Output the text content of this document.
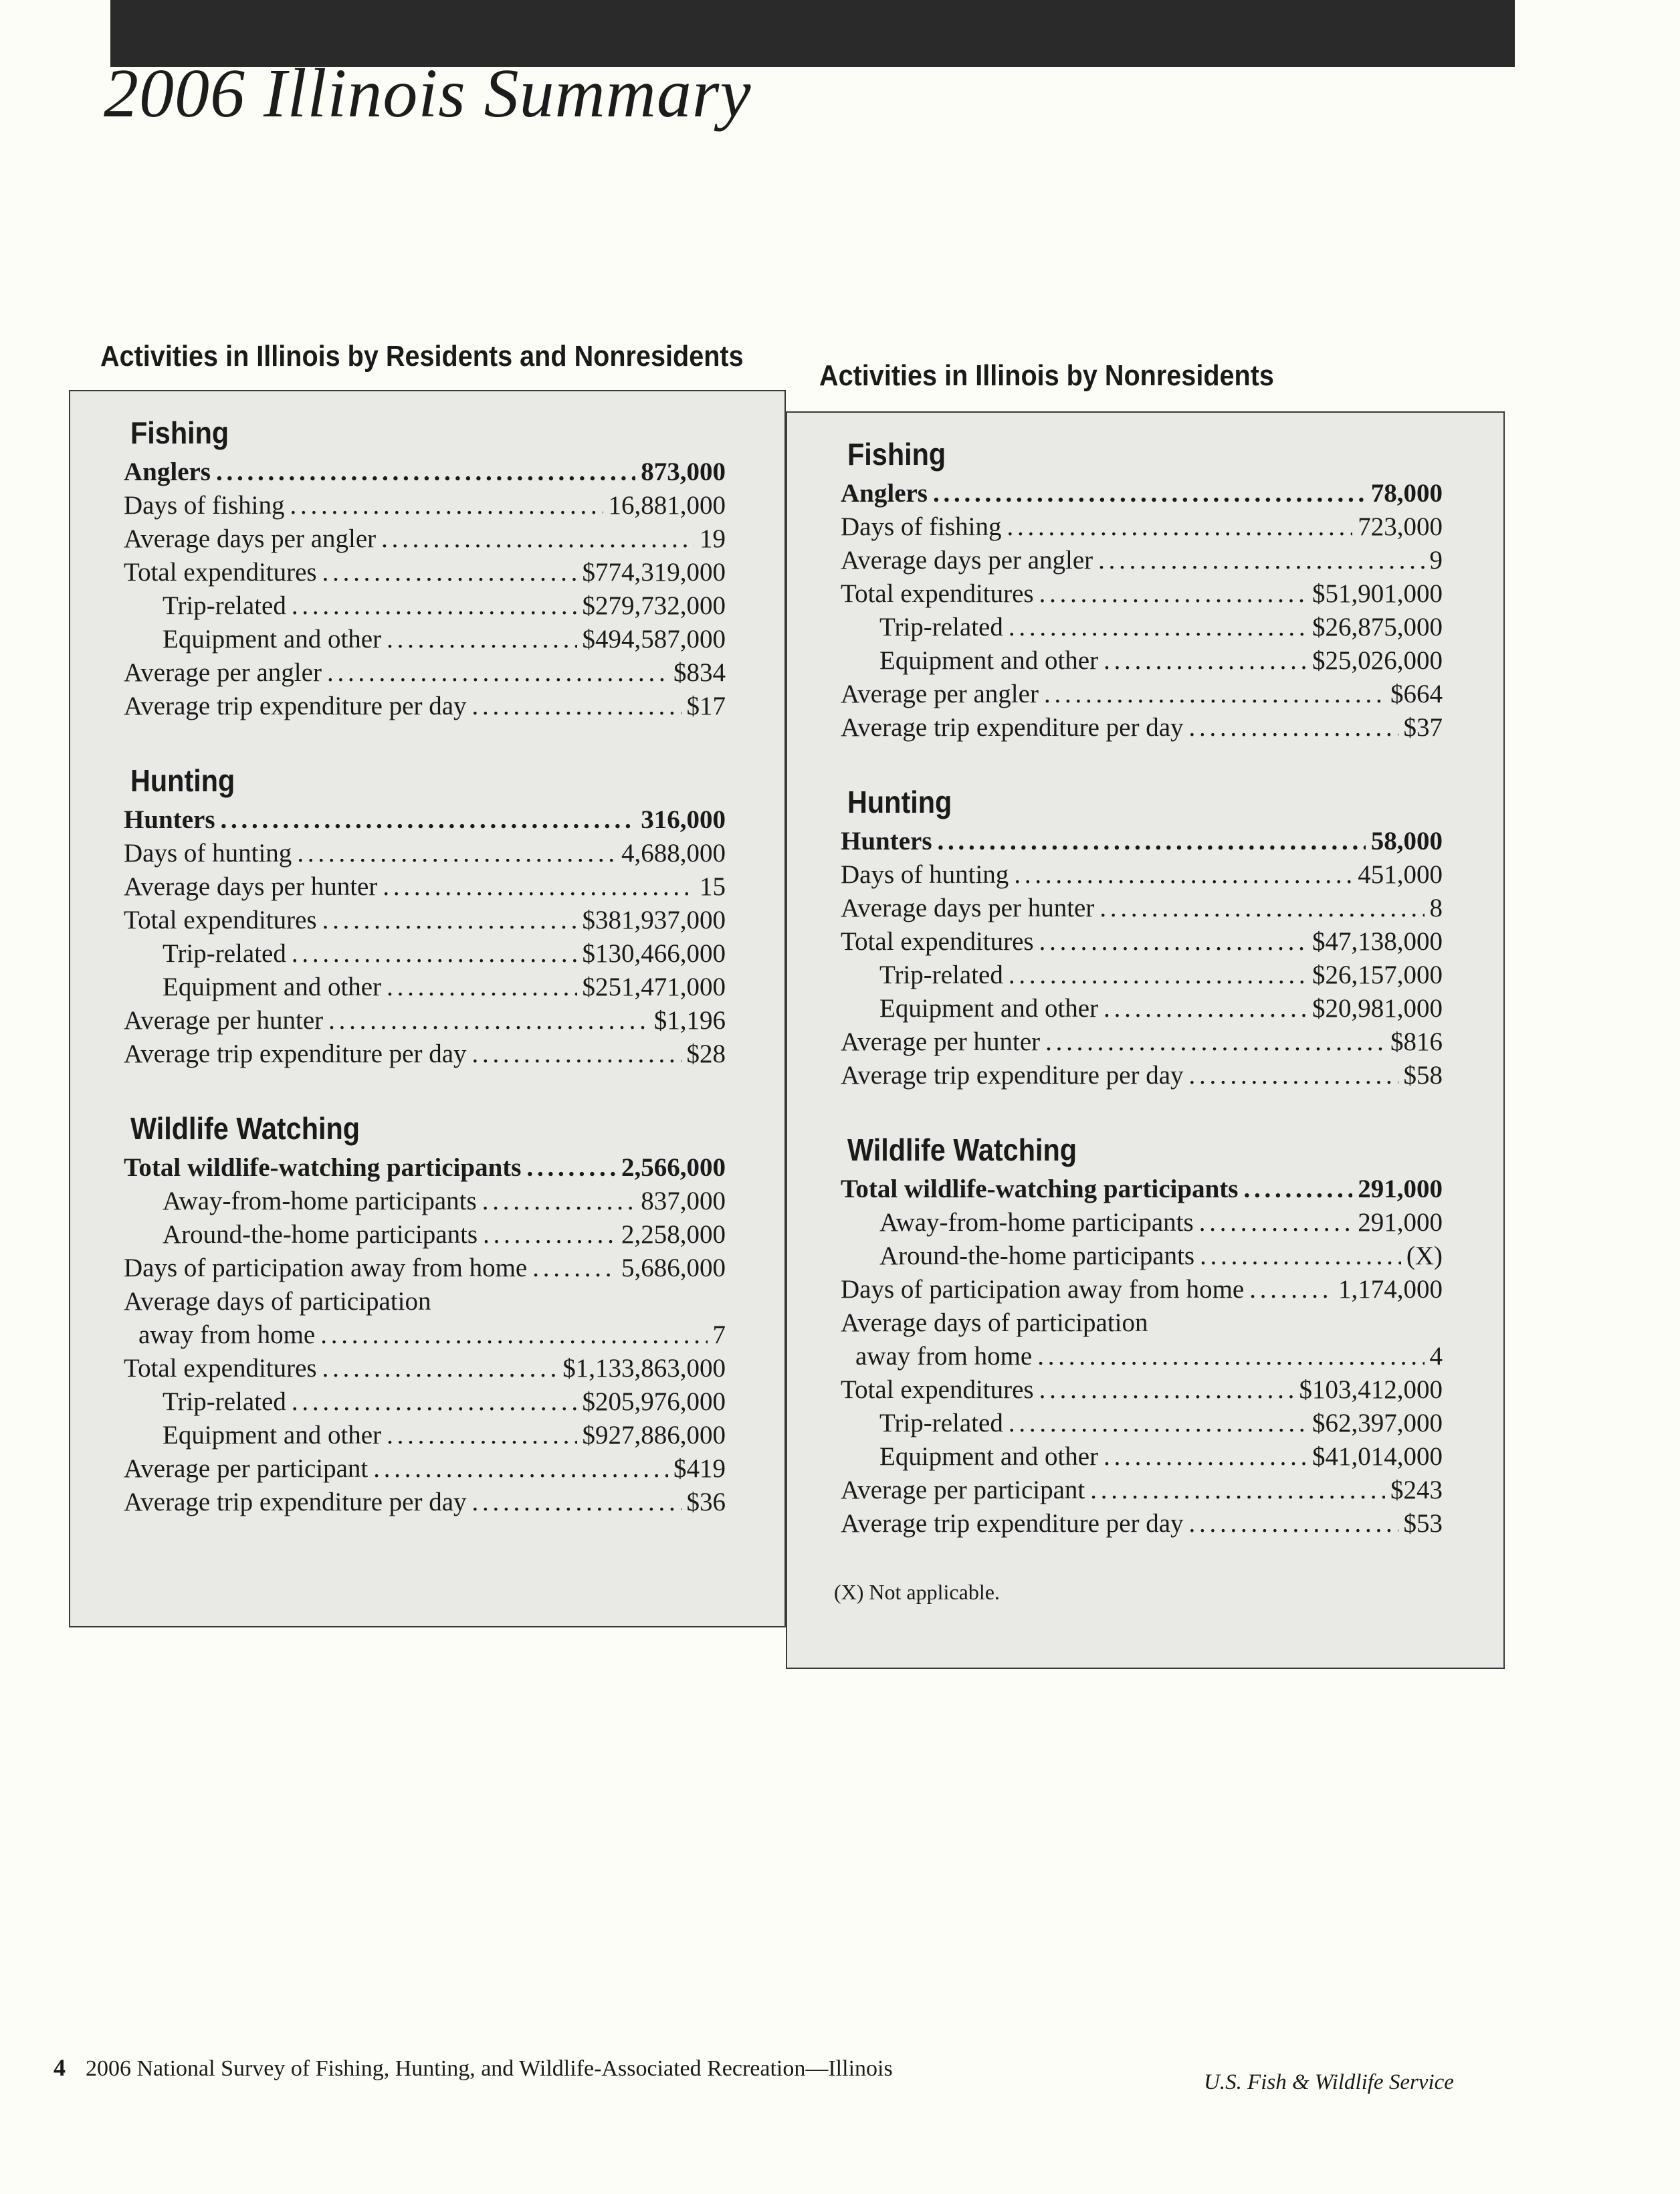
2006 Illinois Summary
Activities in Illinois by Residents and Nonresidents
Activities in Illinois by Nonresidents
Fishing
Anglers . . .	873,000
Days of fishing . . .	16,881,000
Average days per angler . . .	19
Total expenditures . . .	$774,319,000
Trip-related . . .	$279,732,000
Equipment and other . . .	$494,587,000
Average per angler . . .	$834
Average trip expenditure per day . . .	$17
Hunting
Hunters . . .	316,000
Days of hunting . . .	4,688,000
Average days per hunter . . .	15
Total expenditures . . .	$381,937,000
Trip-related . . .	$130,466,000
Equipment and other . . .	$251,471,000
Average per hunter . . .	$1,196
Average trip expenditure per day . . .	$28
Wildlife Watching
Total wildlife-watching participants . . .	2,566,000
Away-from-home participants . . .	837,000
Around-the-home participants . . .	2,258,000
Days of participation away from home . . .	5,686,000
Average days of participation
away from home . . .	7
Total expenditures . . .	$1,133,863,000
Trip-related . . .	$205,976,000
Equipment and other . . .	$927,886,000
Average per participant . . .	$419
Average trip expenditure per day . . .	$36
Fishing
Anglers . . .	78,000
Days of fishing . . .	723,000
Average days per angler . . .	9
Total expenditures . . .	$51,901,000
Trip-related . . .	$26,875,000
Equipment and other . . .	$25,026,000
Average per angler . . .	$664
Average trip expenditure per day . . .	$37
Hunting
Hunters . . .	58,000
Days of hunting . . .	451,000
Average days per hunter . . .	8
Total expenditures . . .	$47,138,000
Trip-related . . .	$26,157,000
Equipment and other . . .	$20,981,000
Average per hunter . . .	$816
Average trip expenditure per day . . .	$58
Wildlife Watching
Total wildlife-watching participants . . .	291,000
Away-from-home participants . . .	291,000
Around-the-home participants . . .	(X)
Days of participation away from home . . .	1,174,000
Average days of participation
away from home . . .	4
Total expenditures . . .	$103,412,000
Trip-related . . .	$62,397,000
Equipment and other . . .	$41,014,000
Average per participant . . .	$243
Average trip expenditure per day . . .	$53

(X) Not applicable.

4 2006 National Survey of Fishing, Hunting, and Wildlife-Associated Recreation—Illinois
U.S. Fish & Wildlife Service
